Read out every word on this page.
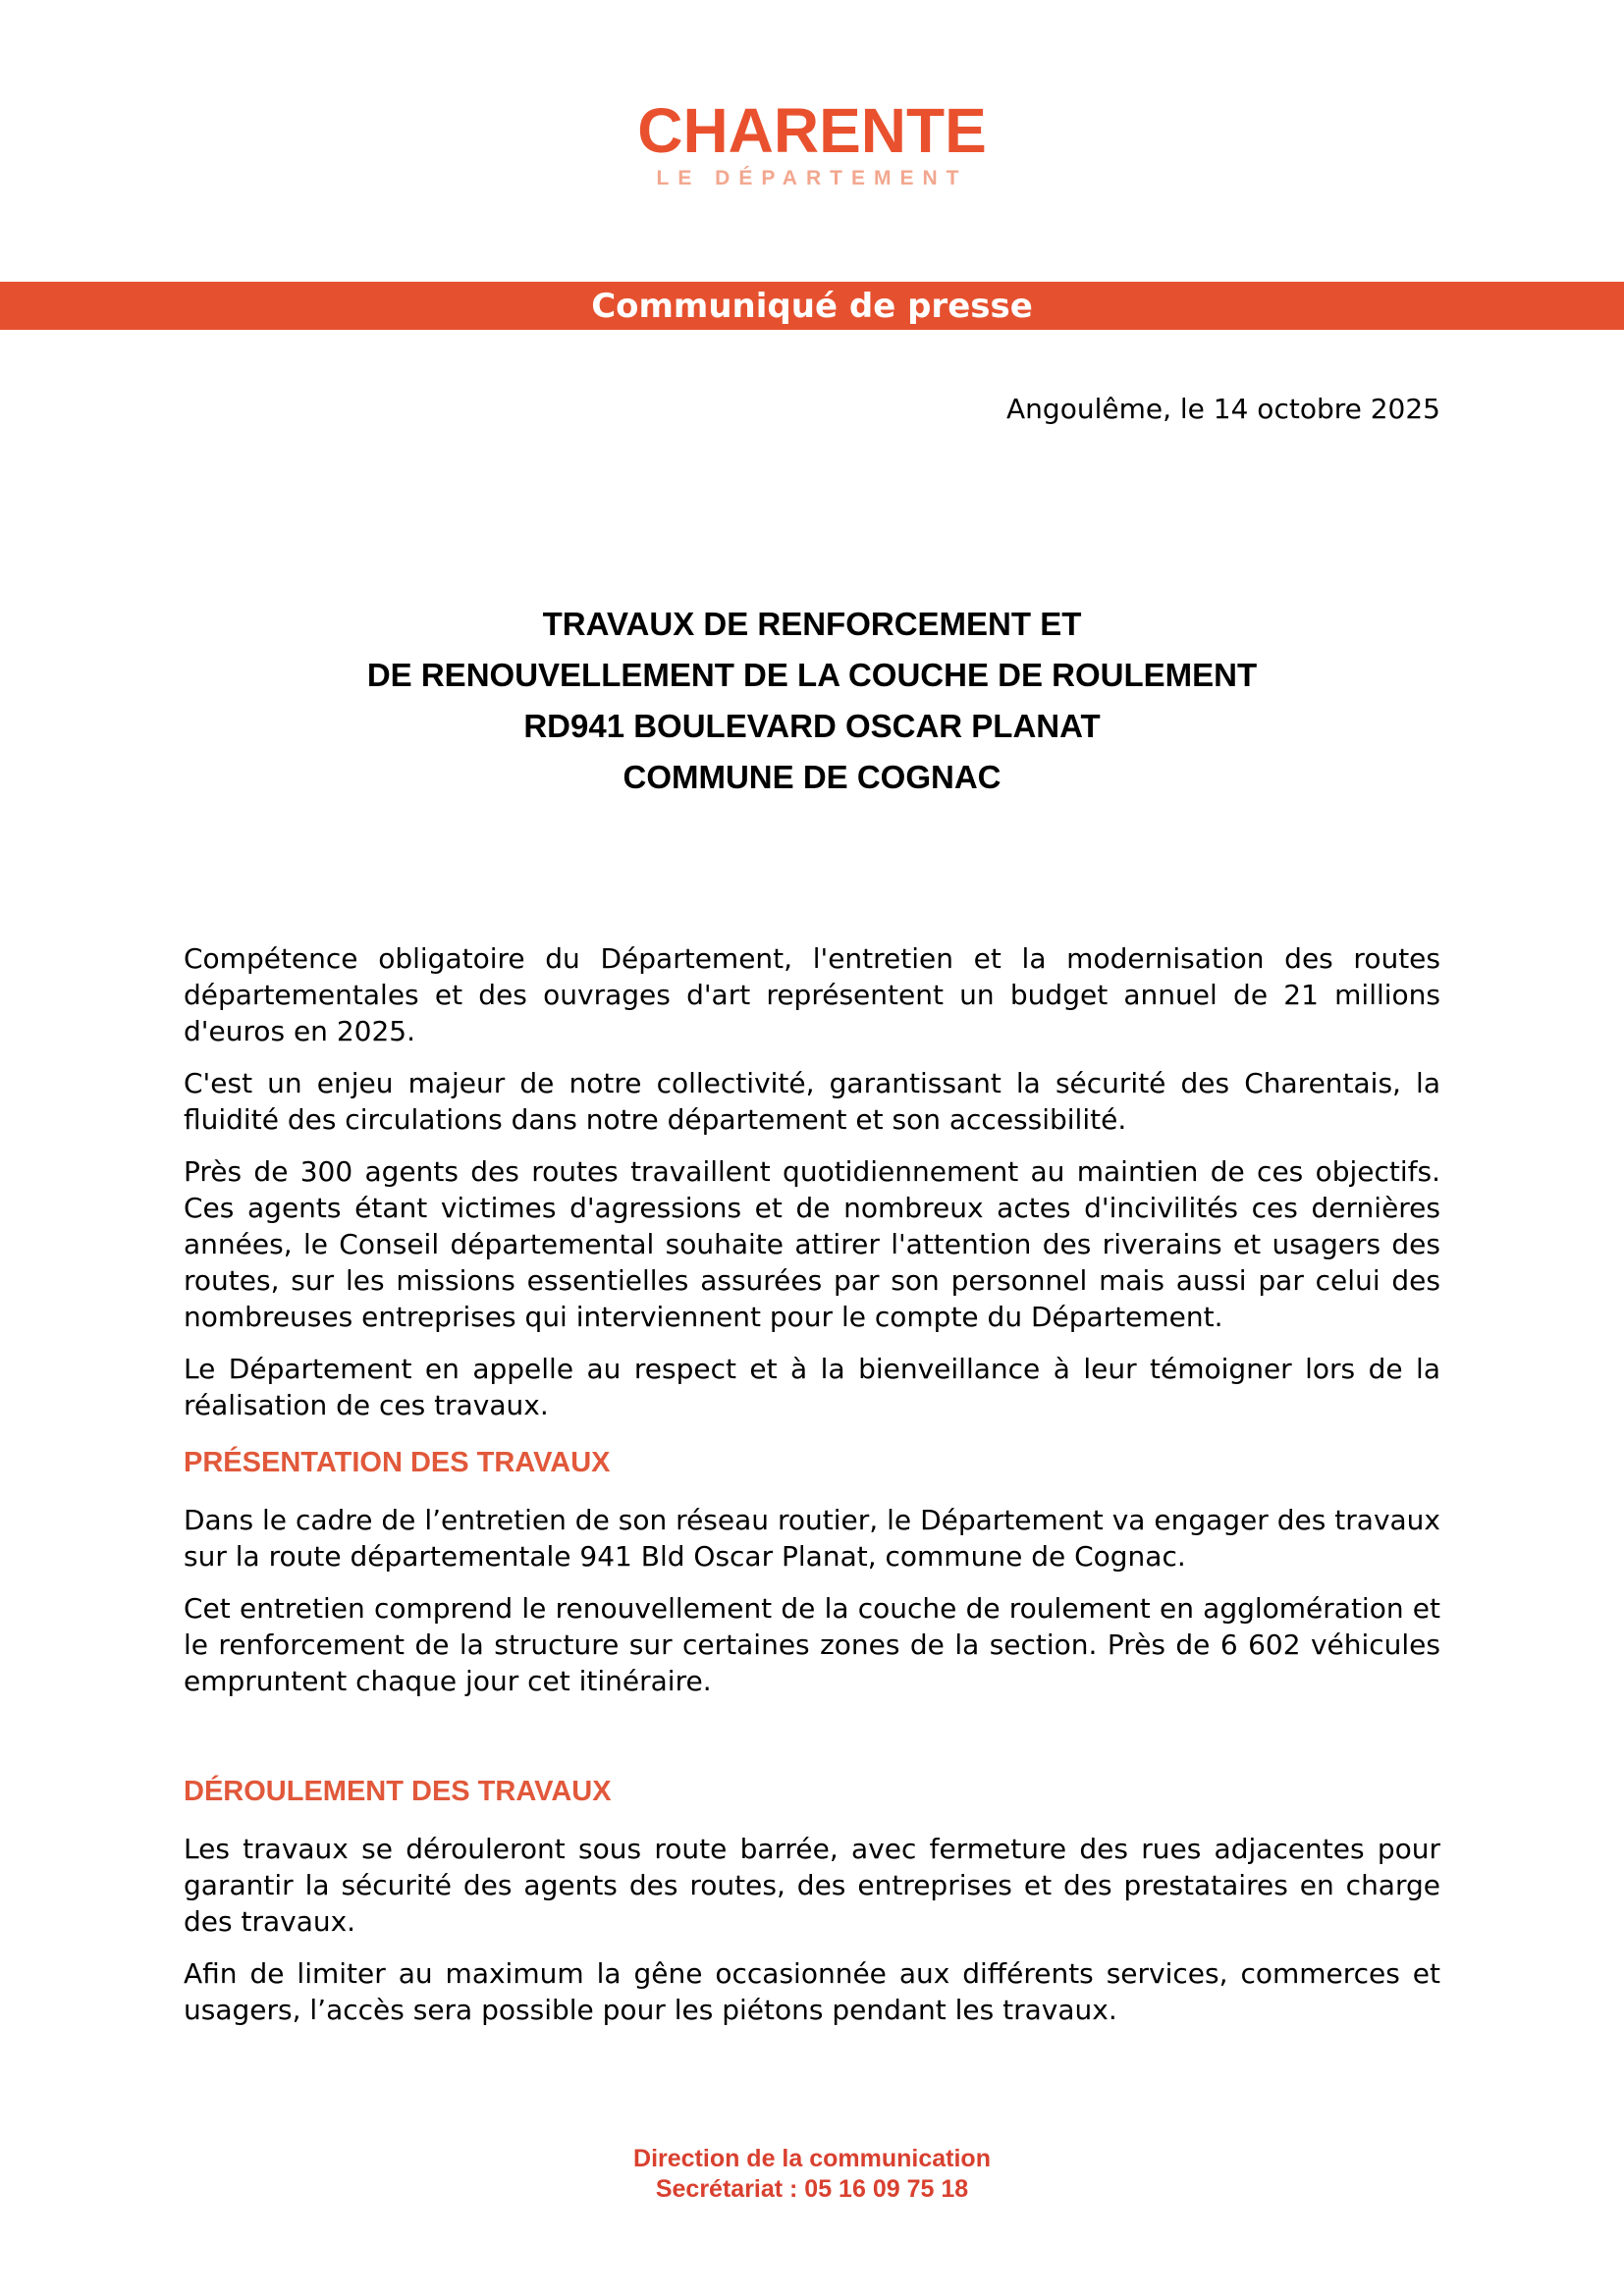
CHARENTE
LE DÉPARTEMENT
Communiqué de presse
Angoulême, le 14 octobre 2025
TRAVAUX DE RENFORCEMENT ET
DE RENOUVELLEMENT DE LA COUCHE DE ROULEMENT
RD941 BOULEVARD OSCAR PLANAT
COMMUNE DE COGNAC

Compétence obligatoire du Département, l'entretien et la modernisation des routes départementales et des ouvrages d'art représentent un budget annuel de 21 millions d'euros en 2025.

C'est un enjeu majeur de notre collectivité, garantissant la sécurité des Charentais, la fluidité des circulations dans notre département et son accessibilité.

Près de 300 agents des routes travaillent quotidiennement au maintien de ces objectifs. Ces agents étant victimes d'agressions et de nombreux actes d'incivilités ces dernières années, le Conseil départemental souhaite attirer l'attention des riverains et usagers des routes, sur les missions essentielles assurées par son personnel mais aussi par celui des nombreuses entreprises qui interviennent pour le compte du Département.

Le Département en appelle au respect et à la bienveillance à leur témoigner lors de la réalisation de ces travaux.

PRÉSENTATION DES TRAVAUX

Dans le cadre de l’entretien de son réseau routier, le Département va engager des travaux sur la route départementale 941 Bld Oscar Planat, commune de Cognac.

Cet entretien comprend le renouvellement de la couche de roulement en agglomération et le renforcement de la structure sur certaines zones de la section. Près de 6 602 véhicules empruntent chaque jour cet itinéraire.

DÉROULEMENT DES TRAVAUX

Les travaux se dérouleront sous route barrée, avec fermeture des rues adjacentes pour garantir la sécurité des agents des routes, des entreprises et des prestataires en charge des travaux.

Afin de limiter au maximum la gêne occasionnée aux différents services, commerces et usagers, l’accès sera possible pour les piétons pendant les travaux.

Direction de la communication
Secrétariat : 05 16 09 75 18
